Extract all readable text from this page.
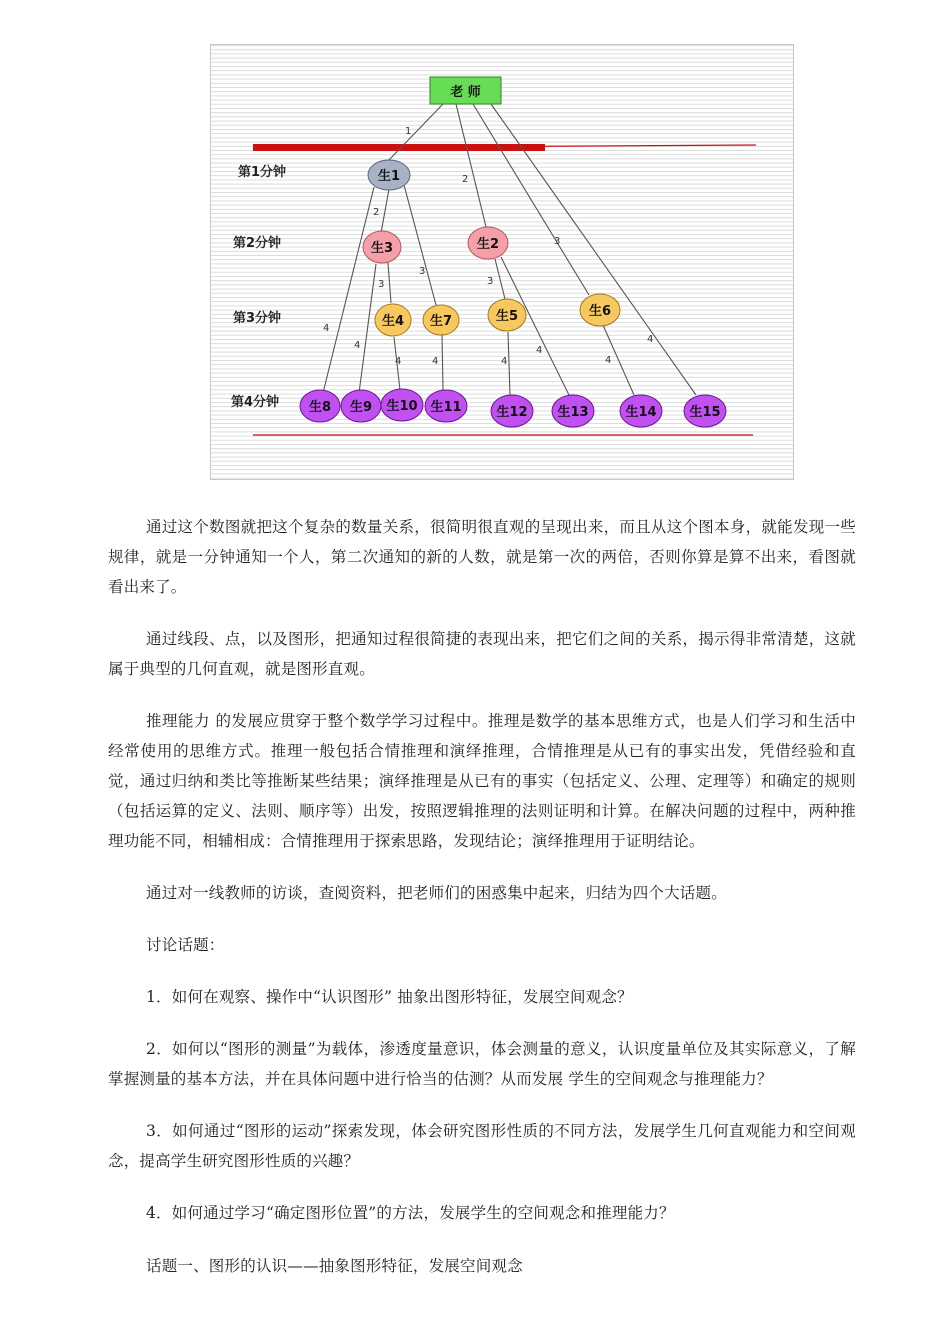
1
2
2
3
3
3
3
4
4
4	4	4
4
4
4
老 师
第1分钟
第2分钟
第3分钟
第4分钟
生1
生3	生2
生4 生7	生5	生6
生8 生9 生10 生11	生12 生13	生14	生15
通过这个数图就把这个复杂的数量关系，很简明很直观的呈现出来，而且从这个图本身，就能发现一些规律，就是一分钟通知一个人，第二次通知的新的人数，就是第一次的两倍，否则你算是算不出来，看图就看出来了。
通过线段、点，以及图形，把通知过程很简捷的表现出来，把它们之间的关系，揭示得非常清楚，这就属于典型的几何直观，就是图形直观。
推理能力 的发展应贯穿于整个数学学习过程中。推理是数学的基本思维方式，也是人们学习和生活中经常使用的思维方式。推理一般包括合情推理和演绎推理，合情推理是从已有的事实出发，凭借经验和直觉，通过归纳和类比等推断某些结果；演绎推理是从已有的事实（包括定义、公理、定理等）和确定的规则（包括运算的定义、法则、顺序等）出发，按照逻辑推理的法则证明和计算。在解决问题的过程中，两种推理功能不同，相辅相成：合情推理用于探索思路，发现结论；演绎推理用于证明结论。
通过对一线教师的访谈，查阅资料，把老师们的困惑集中起来，归结为四个大话题。
讨论话题：
1．如何在观察、操作中“认识图形” 抽象出图形特征，发展空间观念？
2．如何以“图形的测量”为载体，渗透度量意识，体会测量的意义，认识度量单位及其实际意义，了解掌握测量的基本方法，并在具体问题中进行恰当的估测？从而发展 学生的空间观念与推理能力？
3．如何通过“图形的运动”探索发现，体会研究图形性质的不同方法，发展学生几何直观能力和空间观念，提高学生研究图形性质的兴趣？
4．如何通过学习“确定图形位置”的方法，发展学生的空间观念和推理能力？
话题一、图形的认识——抽象图形特征，发展空间观念
